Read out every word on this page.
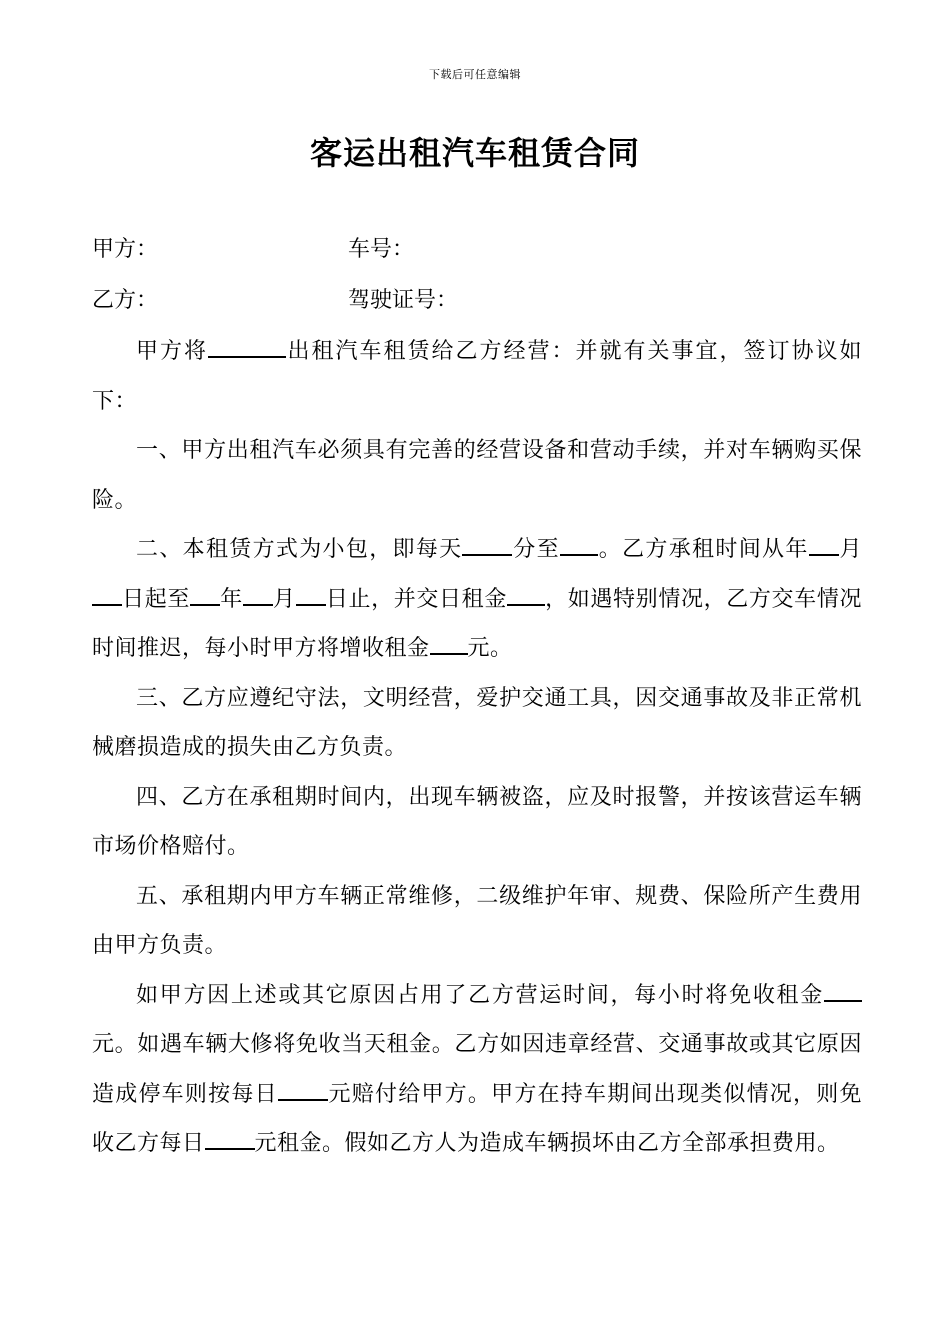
下载后可任意编辑
客运出租汽车租赁合同
甲方：	车号：
乙方：	驾驶证号：

甲方将	出租汽车租赁给乙方经营：并就有关事宜，签订协议如下：

一、甲方出租汽车必须具有完善的经营设备和营动手续，并对车辆购买保险。

二、本租赁方式为小包，即每天 分至 。乙方承租时间从年 月日起至 年 月 日止，并交日租金 ，如遇特别情况，乙方交车情况时间推迟，每小时甲方将增收租金 元。

三、乙方应遵纪守法，文明经营，爱护交通工具，因交通事故及非正常机械磨损造成的损失由乙方负责。

四、乙方在承租期时间内，出现车辆被盗，应及时报警，并按该营运车辆市场价格赔付。

五、承租期内甲方车辆正常维修，二级维护年审、规费、保险所产生费用由甲方负责。

如甲方因上述或其它原因占用了乙方营运时间，每小时将免收租金元。如遇车辆大修将免收当天租金。乙方如因违章经营、交通事故或其它原因造成停车则按每日 元赔付给甲方。甲方在持车期间出现类似情况，则免收乙方每日 元租金。假如乙方人为造成车辆损坏由乙方全部承担费用。
